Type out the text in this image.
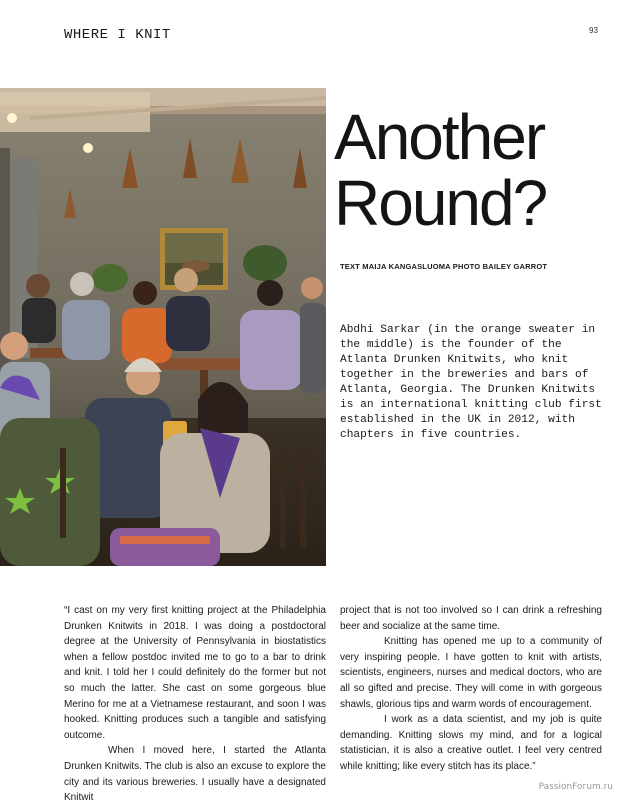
WHERE I KNIT	93
Another
Round?
TEXT MAIJA KANGASLUOMA PHOTO BAILEY GARROT

Abdhi Sarkar (in the orange sweater in the middle) is the founder of the Atlanta Drunken Knitwits, who knit together in the breweries and bars of Atlanta, Georgia. The Drunken Knitwits is an international knitting club first established in the UK in 2012, with chapters in five countries.

“I cast on my very first knitting project at the Philadelphia Drunken Knitwits in 2018. I was doing a postdoctoral degree at the University of Pennsylvania in biostatistics when a fellow postdoc invited me to go to a bar to drink and knit. I told her I could definitely do the former but not so much the latter. She cast on some gorgeous blue Merino for me at a Vietnamese restaurant, and soon I was hooked. Knitting produces such a tangible and satisfying outcome.

When I moved here, I started the Atlanta Drunken Knitwits. The club is also an excuse to explore the city and its various breweries. I usually have a designated Knitwit

project that is not too involved so I can drink a refreshing beer and socialize at the same time.

Knitting has opened me up to a community of very inspiring people. I have gotten to knit with artists, scientists, engineers, nurses and medical doctors, who are all so gifted and precise. They will come in with gorgeous shawls, glorious tips and warm words of encouragement.

I work as a data scientist, and my job is quite demanding. Knitting slows my mind, and for a logical statistician, it is also a creative outlet. I feel very centred while knitting; like every stitch has its place.”

PassionForum.ru
